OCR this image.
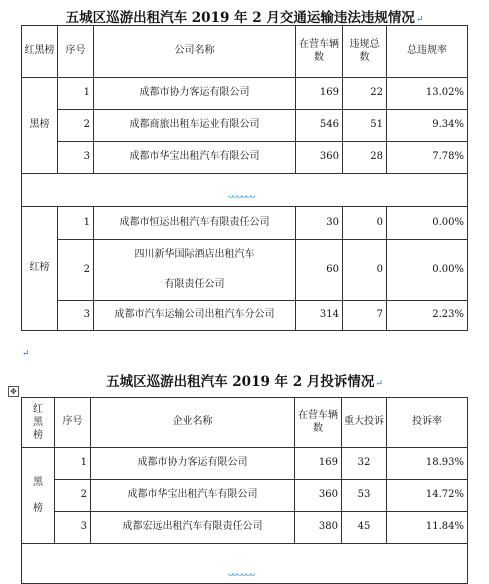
五城区巡游出租汽车 2019 年 2 月交通运输违法违规情况↵
红黑榜	序号	公司名称	在营车辆数	违规总数	总违规率
黑榜	1	成都市协力客运有限公司	169	22	13.02%
	2	成都商旅出租车运业有限公司	546	51	9.34%
	3	成都市华宝出租汽车有限公司	360	28	7.78%

ᴗᴗᴗᴗᴗᴗ					

红榜	1	成都市恒运出租汽车有限责任公司	30	0	0.00%
	2	四川新华国际酒店出租汽车
有限责任公司	60	0	0.00%
	3	成都市汽车运输公司出租汽车分公司	314	7	2.23%
↵
✥
五城区巡游出租汽车 2019 年 2 月投诉情况↵
红
黑
榜	序号	企业名称	在营车辆数	重大投诉	投诉率

黑
榜	1	成都市协力客运有限公司	169	32	18.93%
	2	成都市华宝出租汽车有限公司	360	53	14.72%
	3	成都宏远出租汽车有限责任公司	380	45	11.84%

ᴗᴗᴗᴗᴗᴗ					
